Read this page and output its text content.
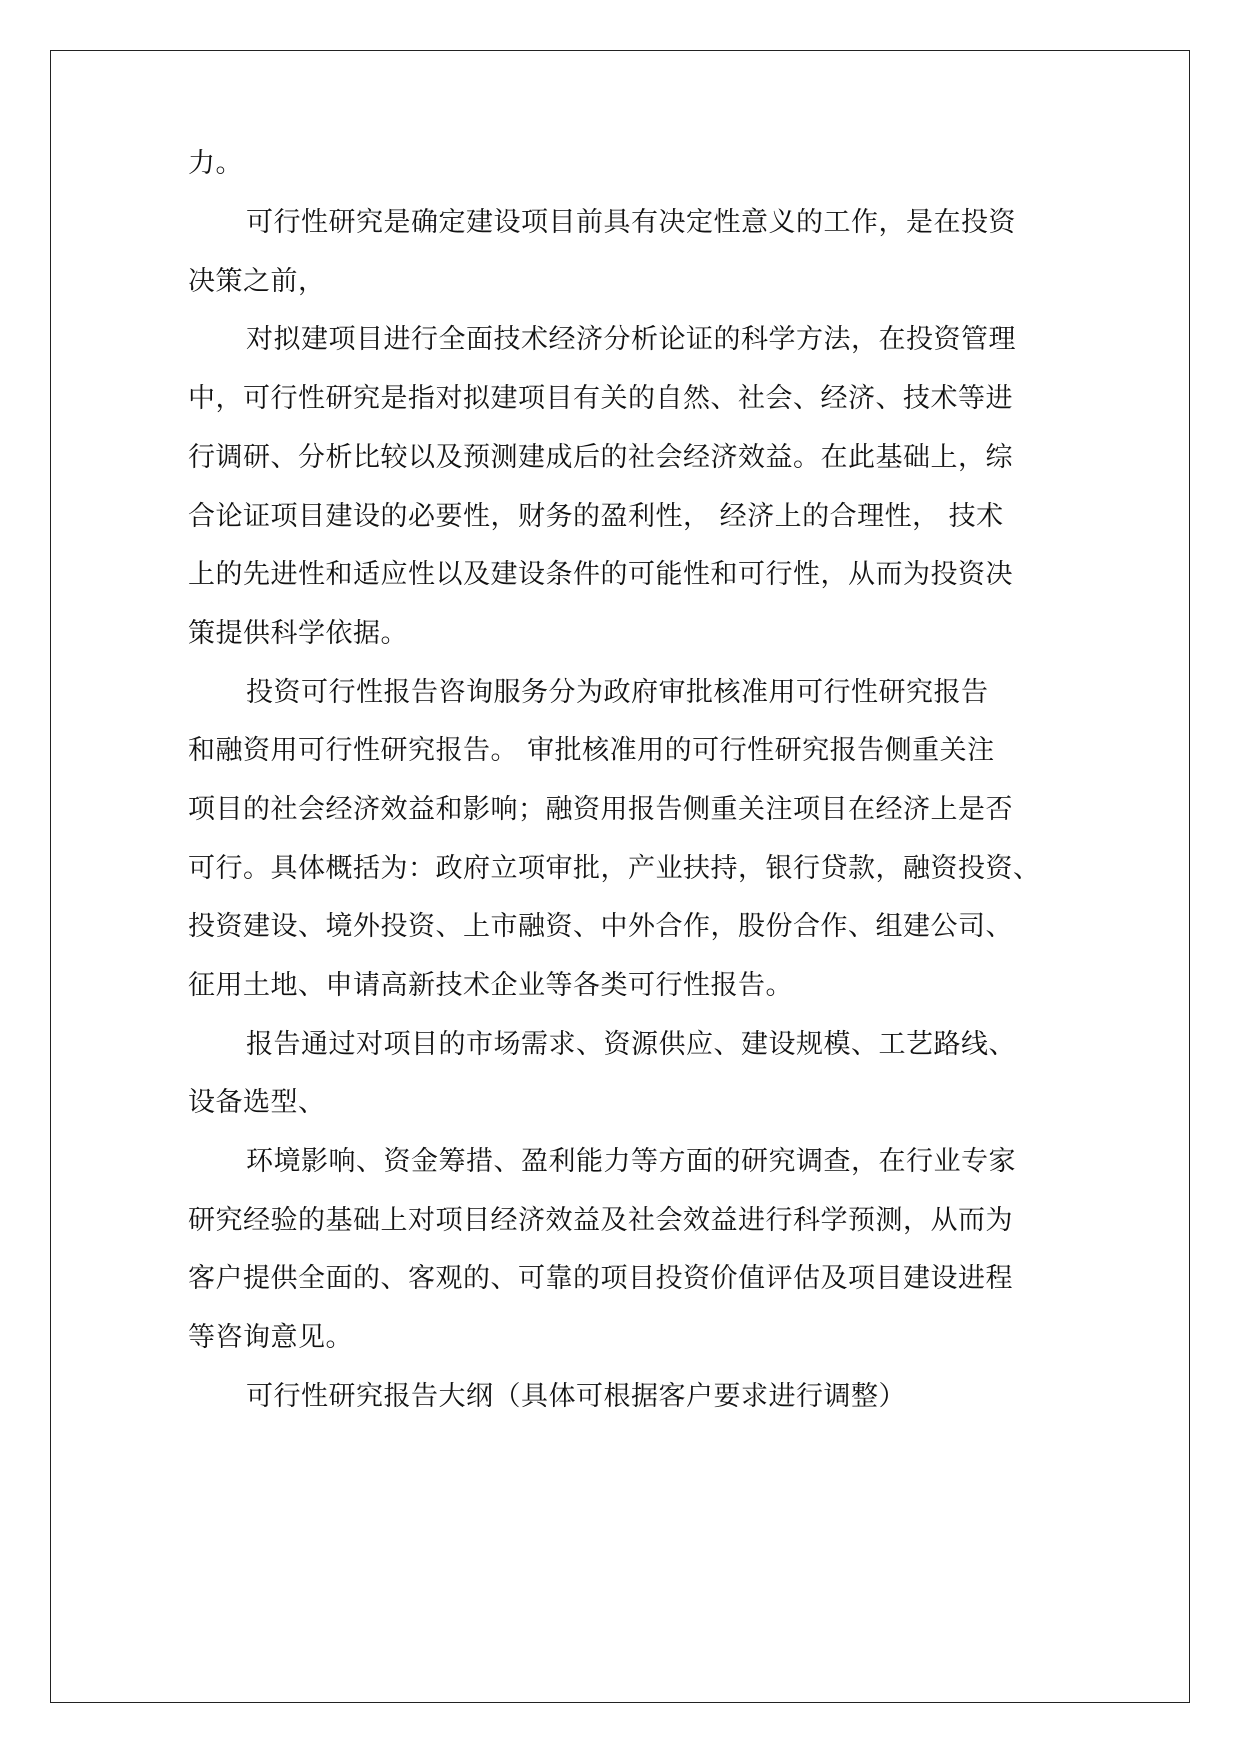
力。
可行性研究是确定建设项目前具有决定性意义的工作，是在投资
决策之前，
对拟建项目进行全面技术经济分析论证的科学方法，在投资管理
中，可行性研究是指对拟建项目有关的自然、社会、经济、技术等进
行调研、分析比较以及预测建成后的社会经济效益。在此基础上，综
合论证项目建设的必要性，财务的盈利性， 经济上的合理性， 技术
上的先进性和适应性以及建设条件的可能性和可行性，从而为投资决
策提供科学依据。
投资可行性报告咨询服务分为政府审批核准用可行性研究报告
和融资用可行性研究报告。 审批核准用的可行性研究报告侧重关注
项目的社会经济效益和影响；融资用报告侧重关注项目在经济上是否
可行。具体概括为：政府立项审批，产业扶持，银行贷款，融资投资、
投资建设、境外投资、上市融资、中外合作，股份合作、组建公司、
征用土地、申请高新技术企业等各类可行性报告。
报告通过对项目的市场需求、资源供应、建设规模、工艺路线、
设备选型、
环境影响、资金筹措、盈利能力等方面的研究调查，在行业专家
研究经验的基础上对项目经济效益及社会效益进行科学预测，从而为
客户提供全面的、客观的、可靠的项目投资价值评估及项目建设进程
等咨询意见。
可行性研究报告大纲（具体可根据客户要求进行调整）
